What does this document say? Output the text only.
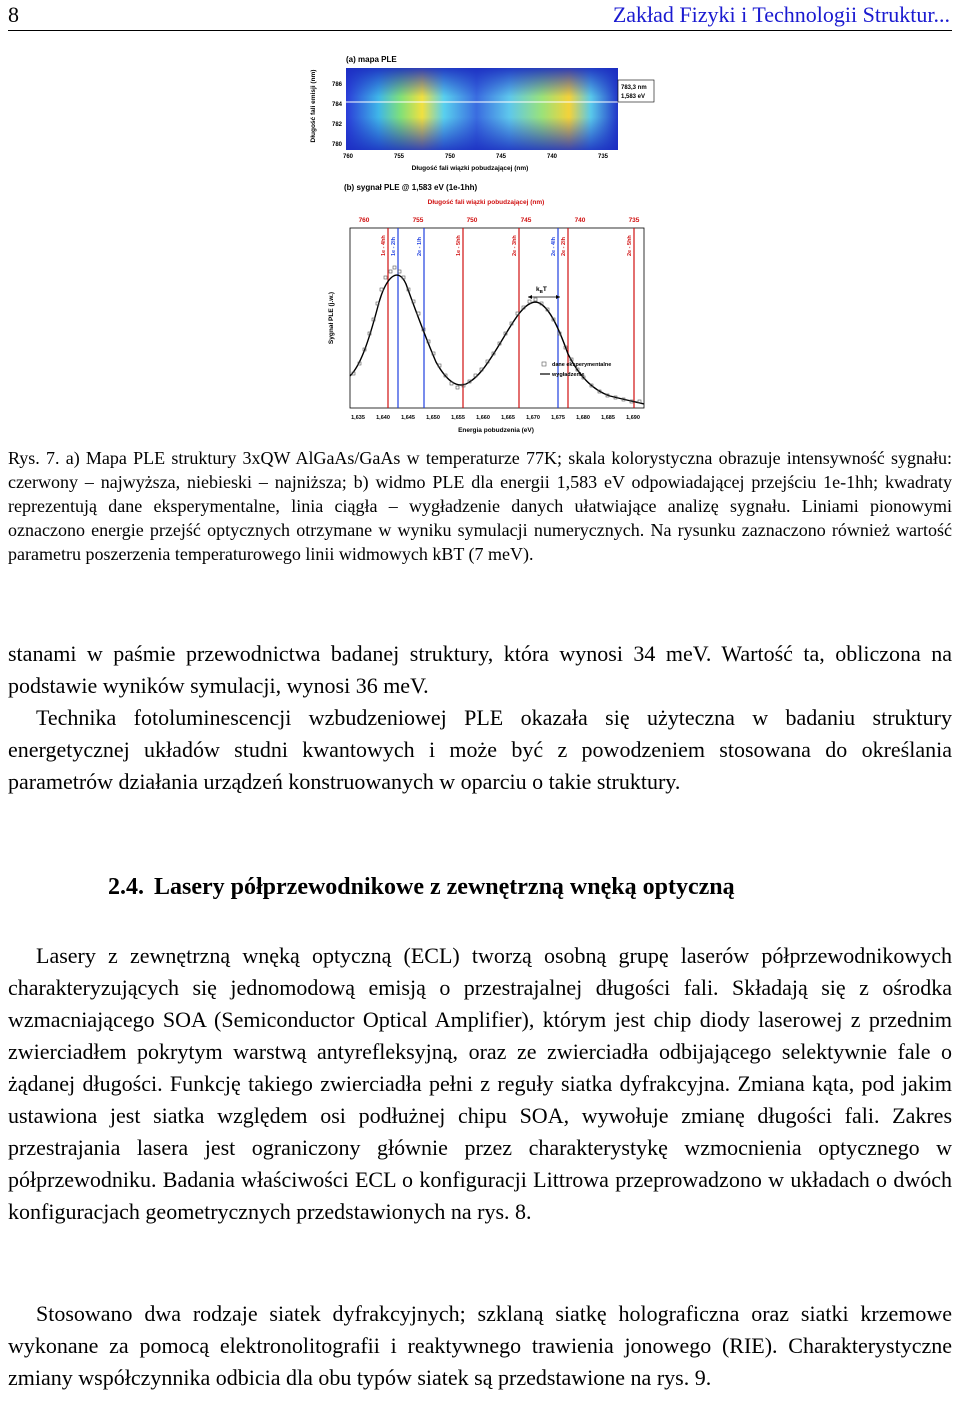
8	Zakład Fizyki i Technologii Struktur...
(a) mapa PLE
Długość fali emisji (nm) 786
784
782
780
783,3 nm
1,583 eV
760	755	750	745	740	735
Długość fali wiązki pobudzającej (nm)
(b) sygnał PLE @ 1,583 eV (1e-1hh)
Długość fali wiązki pobudzającej (nm)
760	755	750	745	740	735
Sygnał PLE (j.w.)
1e - 4hh 1e - 2lh	2e - 1lh	1e - 5hh	2e - 3hh	2e - 4lh 2e - 2lh	2e - 5hh
$k_BT$
dane eksperymentalne
wygładzenie
1,635 1,640 1,645 1,650 1,655 1,660 1,665 1,670 1,675 1,680 1,685 1,690
Energia pobudzenia (eV)

Rys. 7. a) Mapa PLE struktury 3xQW AlGaAs/GaAs w temperaturze 77K; skala kolorystyczna obrazuje intensywność sygnału: czerwony – najwyższa, niebieski – najniższa; b) widmo PLE dla energii 1,583 eV odpowiadającej przejściu 1e-1hh; kwadraty reprezentują dane eksperymentalne, linia ciągła – wygładzenie danych ułatwiające analizę sygnału. Liniami pionowymi oznaczono energie przejść optycznych otrzymane w wyniku symulacji numerycznych. Na rysunku zaznaczono również wartość parametru poszerzenia temperaturowego linii widmowych kBT (7 meV).

stanami w paśmie przewodnictwa badanej struktury, która wynosi 34 meV. Wartość ta, obliczona na podstawie wyników symulacji, wynosi 36 meV.

Technika fotoluminescencji wzbudzeniowej PLE okazała się użyteczna w badaniu struktury energetycznej układów studni kwantowych i może być z powodzeniem stosowana do określania parametrów działania urządzeń konstruowanych w oparciu o takie struktury.

2.4. Lasery półprzewodnikowe z zewnętrzną wnęką optyczną

Lasery z zewnętrzną wnęką optyczną (ECL) tworzą osobną grupę laserów półprzewodnikowych charakteryzujących się jednomodową emisją o przestrajalnej długości fali. Składają się z ośrodka wzmacniającego SOA (Semiconductor Optical Amplifier), którym jest chip diody laserowej z przednim zwierciadłem pokrytym warstwą antyrefleksyjną, oraz ze zwierciadła odbijającego selektywnie fale o żądanej długości. Funkcję takiego zwierciadła pełni z reguły siatka dyfrakcyjna. Zmiana kąta, pod jakim ustawiona jest siatka względem osi podłużnej chipu SOA, wywołuje zmianę długości fali. Zakres przestrajania lasera jest ograniczony głównie przez charakterystykę wzmocnienia optycznego w półprzewodniku. Badania właściwości ECL o konfiguracji Littrowa przeprowadzono w układach o dwóch konfiguracjach geometrycznych przedstawionych na rys. 8.

Stosowano dwa rodzaje siatek dyfrakcyjnych; szklaną siatkę holograficzna oraz siatki krzemowe wykonane za pomocą elektronolitografii i reaktywnego trawienia jonowego (RIE). Charakterystyczne zmiany współczynnika odbicia dla obu typów siatek są przedstawione na rys. 9.
